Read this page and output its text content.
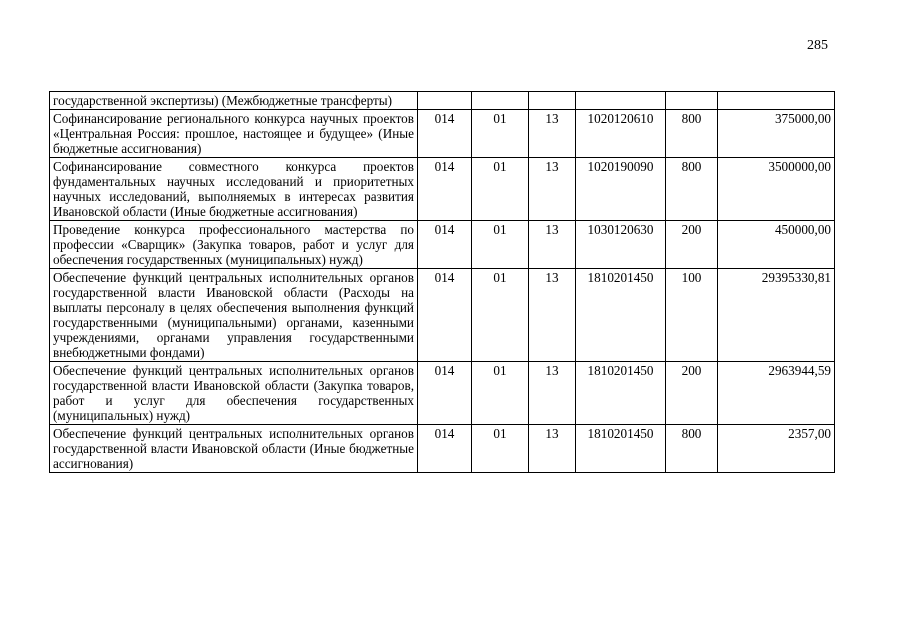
285
государственной экспертизы) (Межбюджетные трансферты)						
Софинансирование регионального конкурса научных проектов «Центральная Россия: прошлое, настоящее и будущее» (Иные бюджетные ассигнования)	014	01	13	1020120610	800	375000,00
Софинансирование совместного конкурса проектов фундаментальных научных исследований и приоритетных научных исследований, выполняемых в интересах развития Ивановской области (Иные бюджетные ассигнования)	014	01	13	1020190090	800	3500000,00
Проведение конкурса профессионального мастерства по профессии «Сварщик» (Закупка товаров, работ и услуг для обеспечения государственных (муниципальных) нужд)	014	01	13	1030120630	200	450000,00
Обеспечение функций центральных исполнительных органов государственной власти Ивановской области (Расходы на выплаты персоналу в целях обеспечения выполнения функций государственными (муниципальными) органами, казенными учреждениями, органами управления государственными внебюджетными фондами)	014	01	13	1810201450	100	29395330,81
Обеспечение функций центральных исполнительных органов государственной власти Ивановской области (Закупка товаров, работ и услуг для обеспечения государственных (муниципальных) нужд)	014	01	13	1810201450	200	2963944,59
Обеспечение функций центральных исполнительных органов государственной власти Ивановской области (Иные бюджетные ассигнования)	014	01	13	1810201450	800	2357,00
